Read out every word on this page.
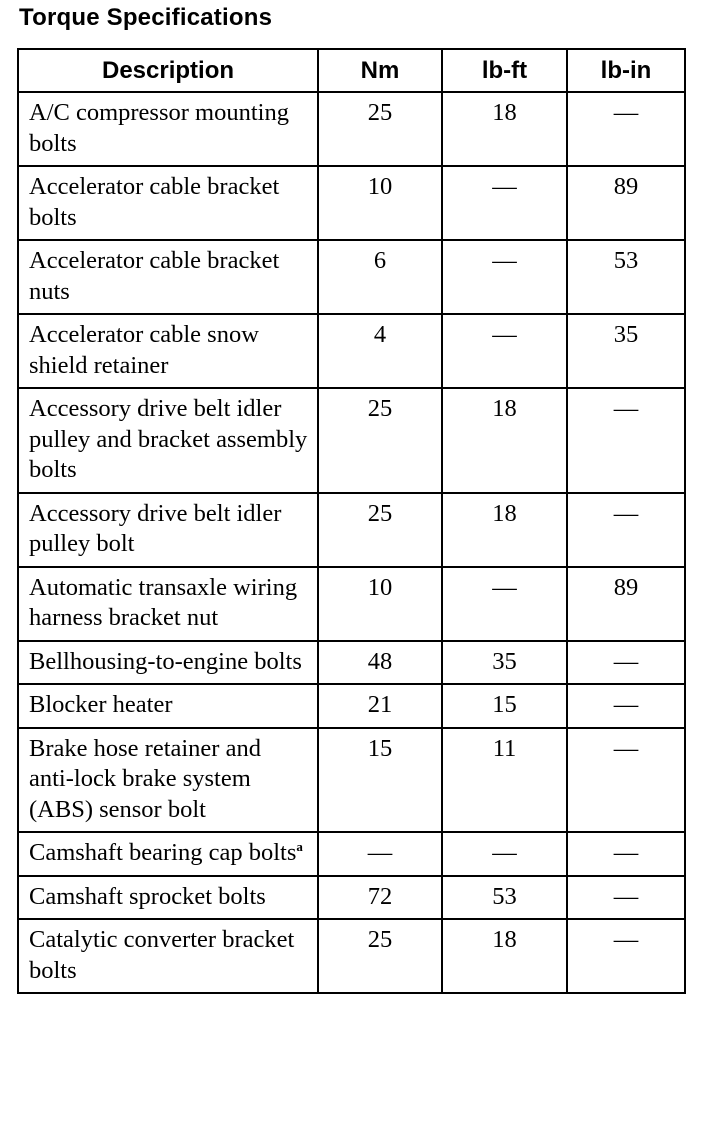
Torque Specifications
Description	Nm	lb-ft	lb-in
A/C compressor mounting bolts	25	18	—
Accelerator cable bracket bolts	10	—	89
Accelerator cable bracket nuts	6	—	53
Accelerator cable snow shield retainer	4	—	35
Accessory drive belt idler pulley and bracket assembly bolts	25	18	—
Accessory drive belt idler pulley bolt	25	18	—
Automatic transaxle wiring harness bracket nut	10	—	89
Bellhousing-to-engine bolts	48	35	—
Blocker heater	21	15	—
Brake hose retainer and anti-lock brake system (ABS) sensor bolt	15	11	—
Camshaft bearing cap bolts$^a$	—	—	—
Camshaft sprocket bolts	72	53	—
Catalytic converter bracket bolts	25	18	—
